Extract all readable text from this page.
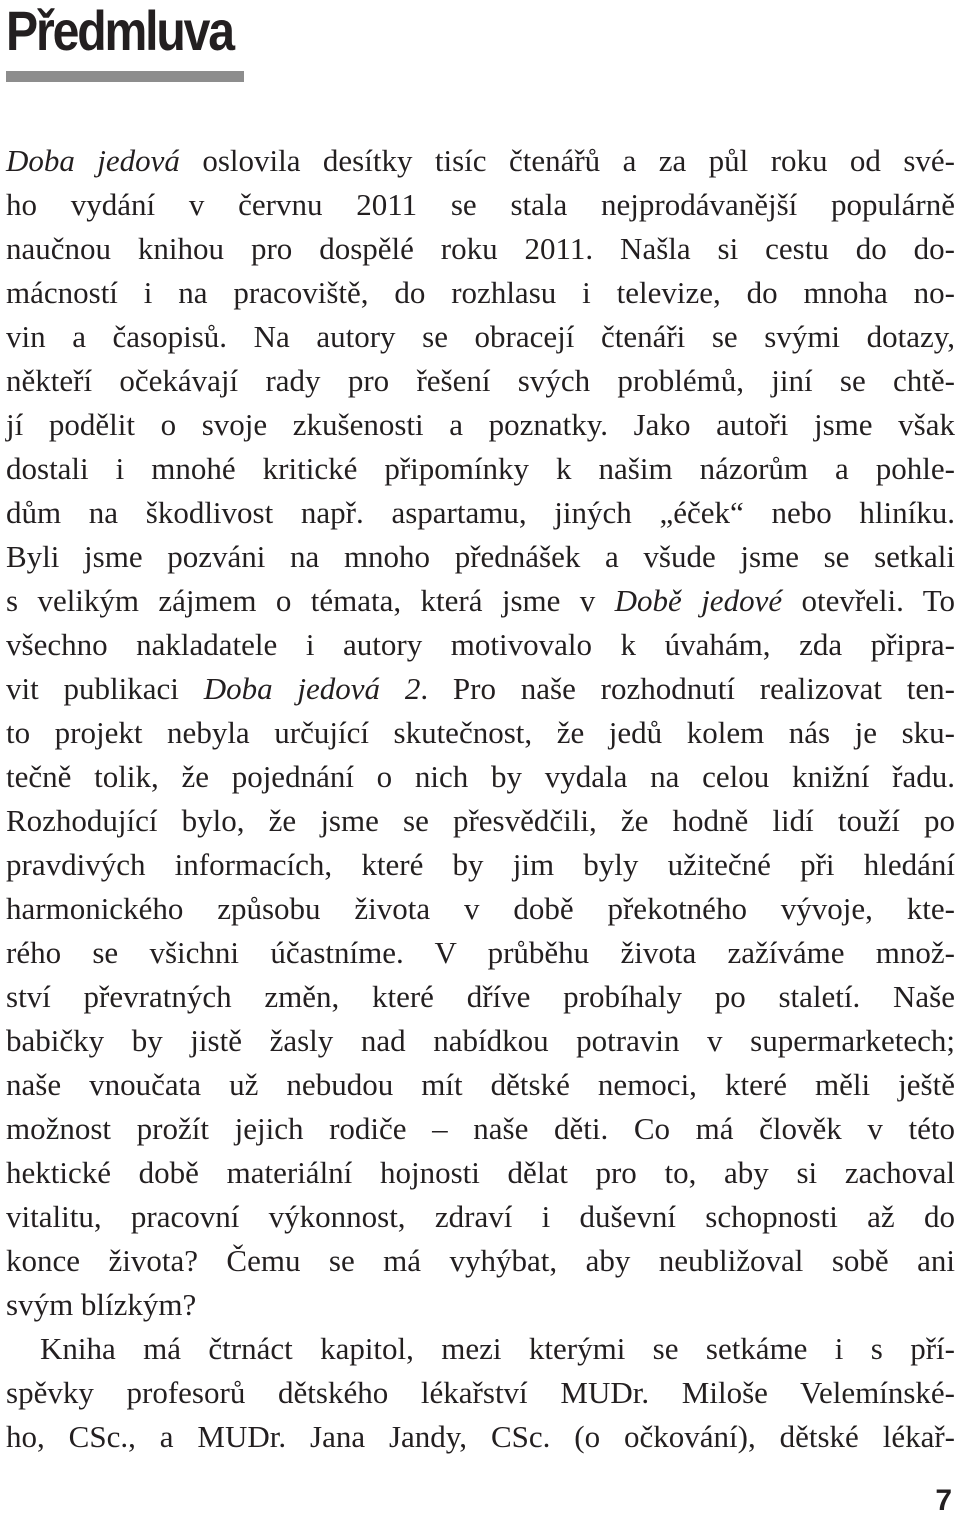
Předmluva
Doba jedová oslovila desítky tisíc čtenářů a za půl roku od své-
ho vydání v červnu 2011 se stala nejprodávanější populárně
naučnou knihou pro dospělé roku 2011. Našla si cestu do do-
mácností i na pracoviště, do rozhlasu i televize, do mnoha no-
vin a časopisů. Na autory se obracejí čtenáři se svými dotazy,
někteří očekávají rady pro řešení svých problémů, jiní se chtě-
jí podělit o svoje zkušenosti a poznatky. Jako autoři jsme však
dostali i mnohé kritické připomínky k našim názorům a pohle-
dům na škodlivost např. aspartamu, jiných „éček“ nebo hliníku.
Byli jsme pozváni na mnoho přednášek a všude jsme se setkali
s velikým zájmem o témata, která jsme v Době jedové otevřeli. To
všechno nakladatele i autory motivovalo k úvahám, zda připra-
vit publikaci Doba jedová 2. Pro naše rozhodnutí realizovat ten-
to projekt nebyla určující skutečnost, že jedů kolem nás je sku-
tečně tolik, že pojednání o nich by vydala na celou knižní řadu.
Rozhodující bylo, že jsme se přesvědčili, že hodně lidí touží po
pravdivých informacích, které by jim byly užitečné při hledání
harmonického způsobu života v době překotného vývoje, kte-
rého se všichni účastníme. V průběhu života zažíváme množ-
ství převratných změn, které dříve probíhaly po staletí. Naše
babičky by jistě žasly nad nabídkou potravin v supermarketech;
naše vnoučata už nebudou mít dětské nemoci, které měli ještě
možnost prožít jejich rodiče – naše děti. Co má člověk v této
hektické době materiální hojnosti dělat pro to, aby si zachoval
vitalitu, pracovní výkonnost, zdraví i duševní schopnosti až do
konce života? Čemu se má vyhýbat, aby neubližoval sobě ani
svým blízkým?
Kniha má čtrnáct kapitol, mezi kterými se setkáme i s pří-
spěvky profesorů dětského lékařství MUDr. Miloše Velemínské-
ho, CSc., a MUDr. Jana Jandy, CSc. (o očkování), dětské lékař-
7
